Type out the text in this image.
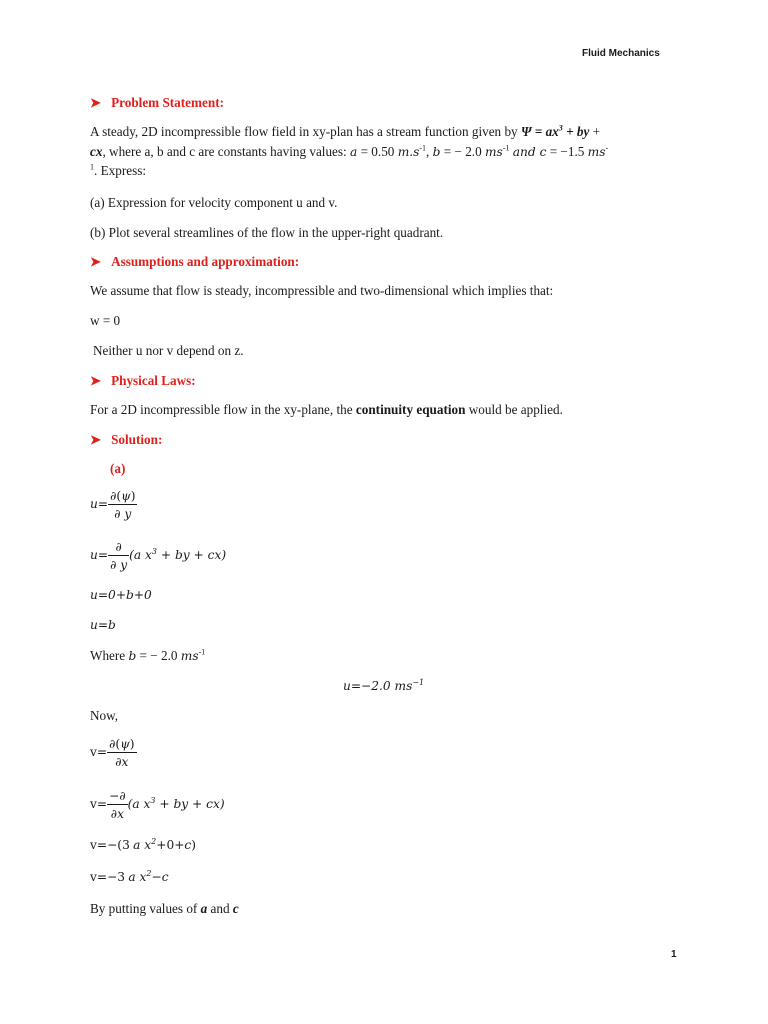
Fluid Mechanics
➤ Problem Statement:
A steady, 2D incompressible flow field in xy-plan has a stream function given by $\Psi = ax^3$ + by +
cx, where a, b and c are constants having values: a = 0.50 $m.s^{-1}$, b = − 2.0 $ms^{-1}$ and c = −1.5 ms-
$^1$. Express:
(a) Expression for velocity component u and v.
(b) Plot several streamlines of the flow in the upper-right quadrant.
➤ Assumptions and approximation:
We assume that flow is steady, incompressible and two-dimensional which implies that:
w = 0
Neither u nor v depend on z.
➤ Physical Laws:
For a 2D incompressible flow in the xy-plane, the continuity equation would be applied.
➤ Solution:
(a)
$u= \frac{\partial(\psi)}{\partial y}$
$u= \frac{\partial}{\partial y} (a$ $x^3$ + by + cx)
u=0+b+0
u=b
Where b = − 2.0 $ms^{-1}$
u=−2.0 $ms^{-1}$
Now,
$v= \frac{\partial(\psi)}{\partial x}$
$v= \frac{-\partial}{\partial x} (a$ $x^3$ + by + cx)
v=−(3 a $x^2+0+c$)
v=−3 a $x^2-c$
By putting values of a and c
1
